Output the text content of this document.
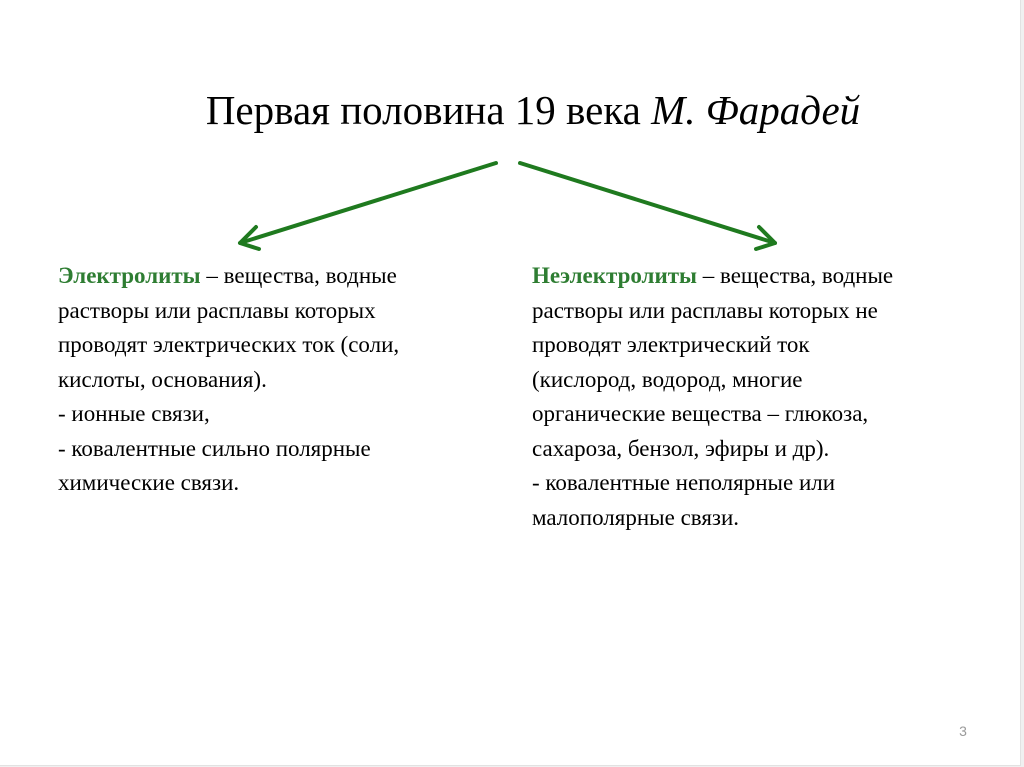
Первая половина 19 века М. Фарадей
Электролиты – вещества, водные
растворы или расплавы которых
проводят электрических ток (соли,
кислоты, основания).
- ионные связи,
- ковалентные сильно полярные
химические связи.
Неэлектролиты – вещества, водные
растворы или расплавы которых не
проводят электрический ток
(кислород, водород, многие
органические вещества – глюкоза,
сахароза, бензол, эфиры и др).
- ковалентные неполярные или
малополярные связи.
3
